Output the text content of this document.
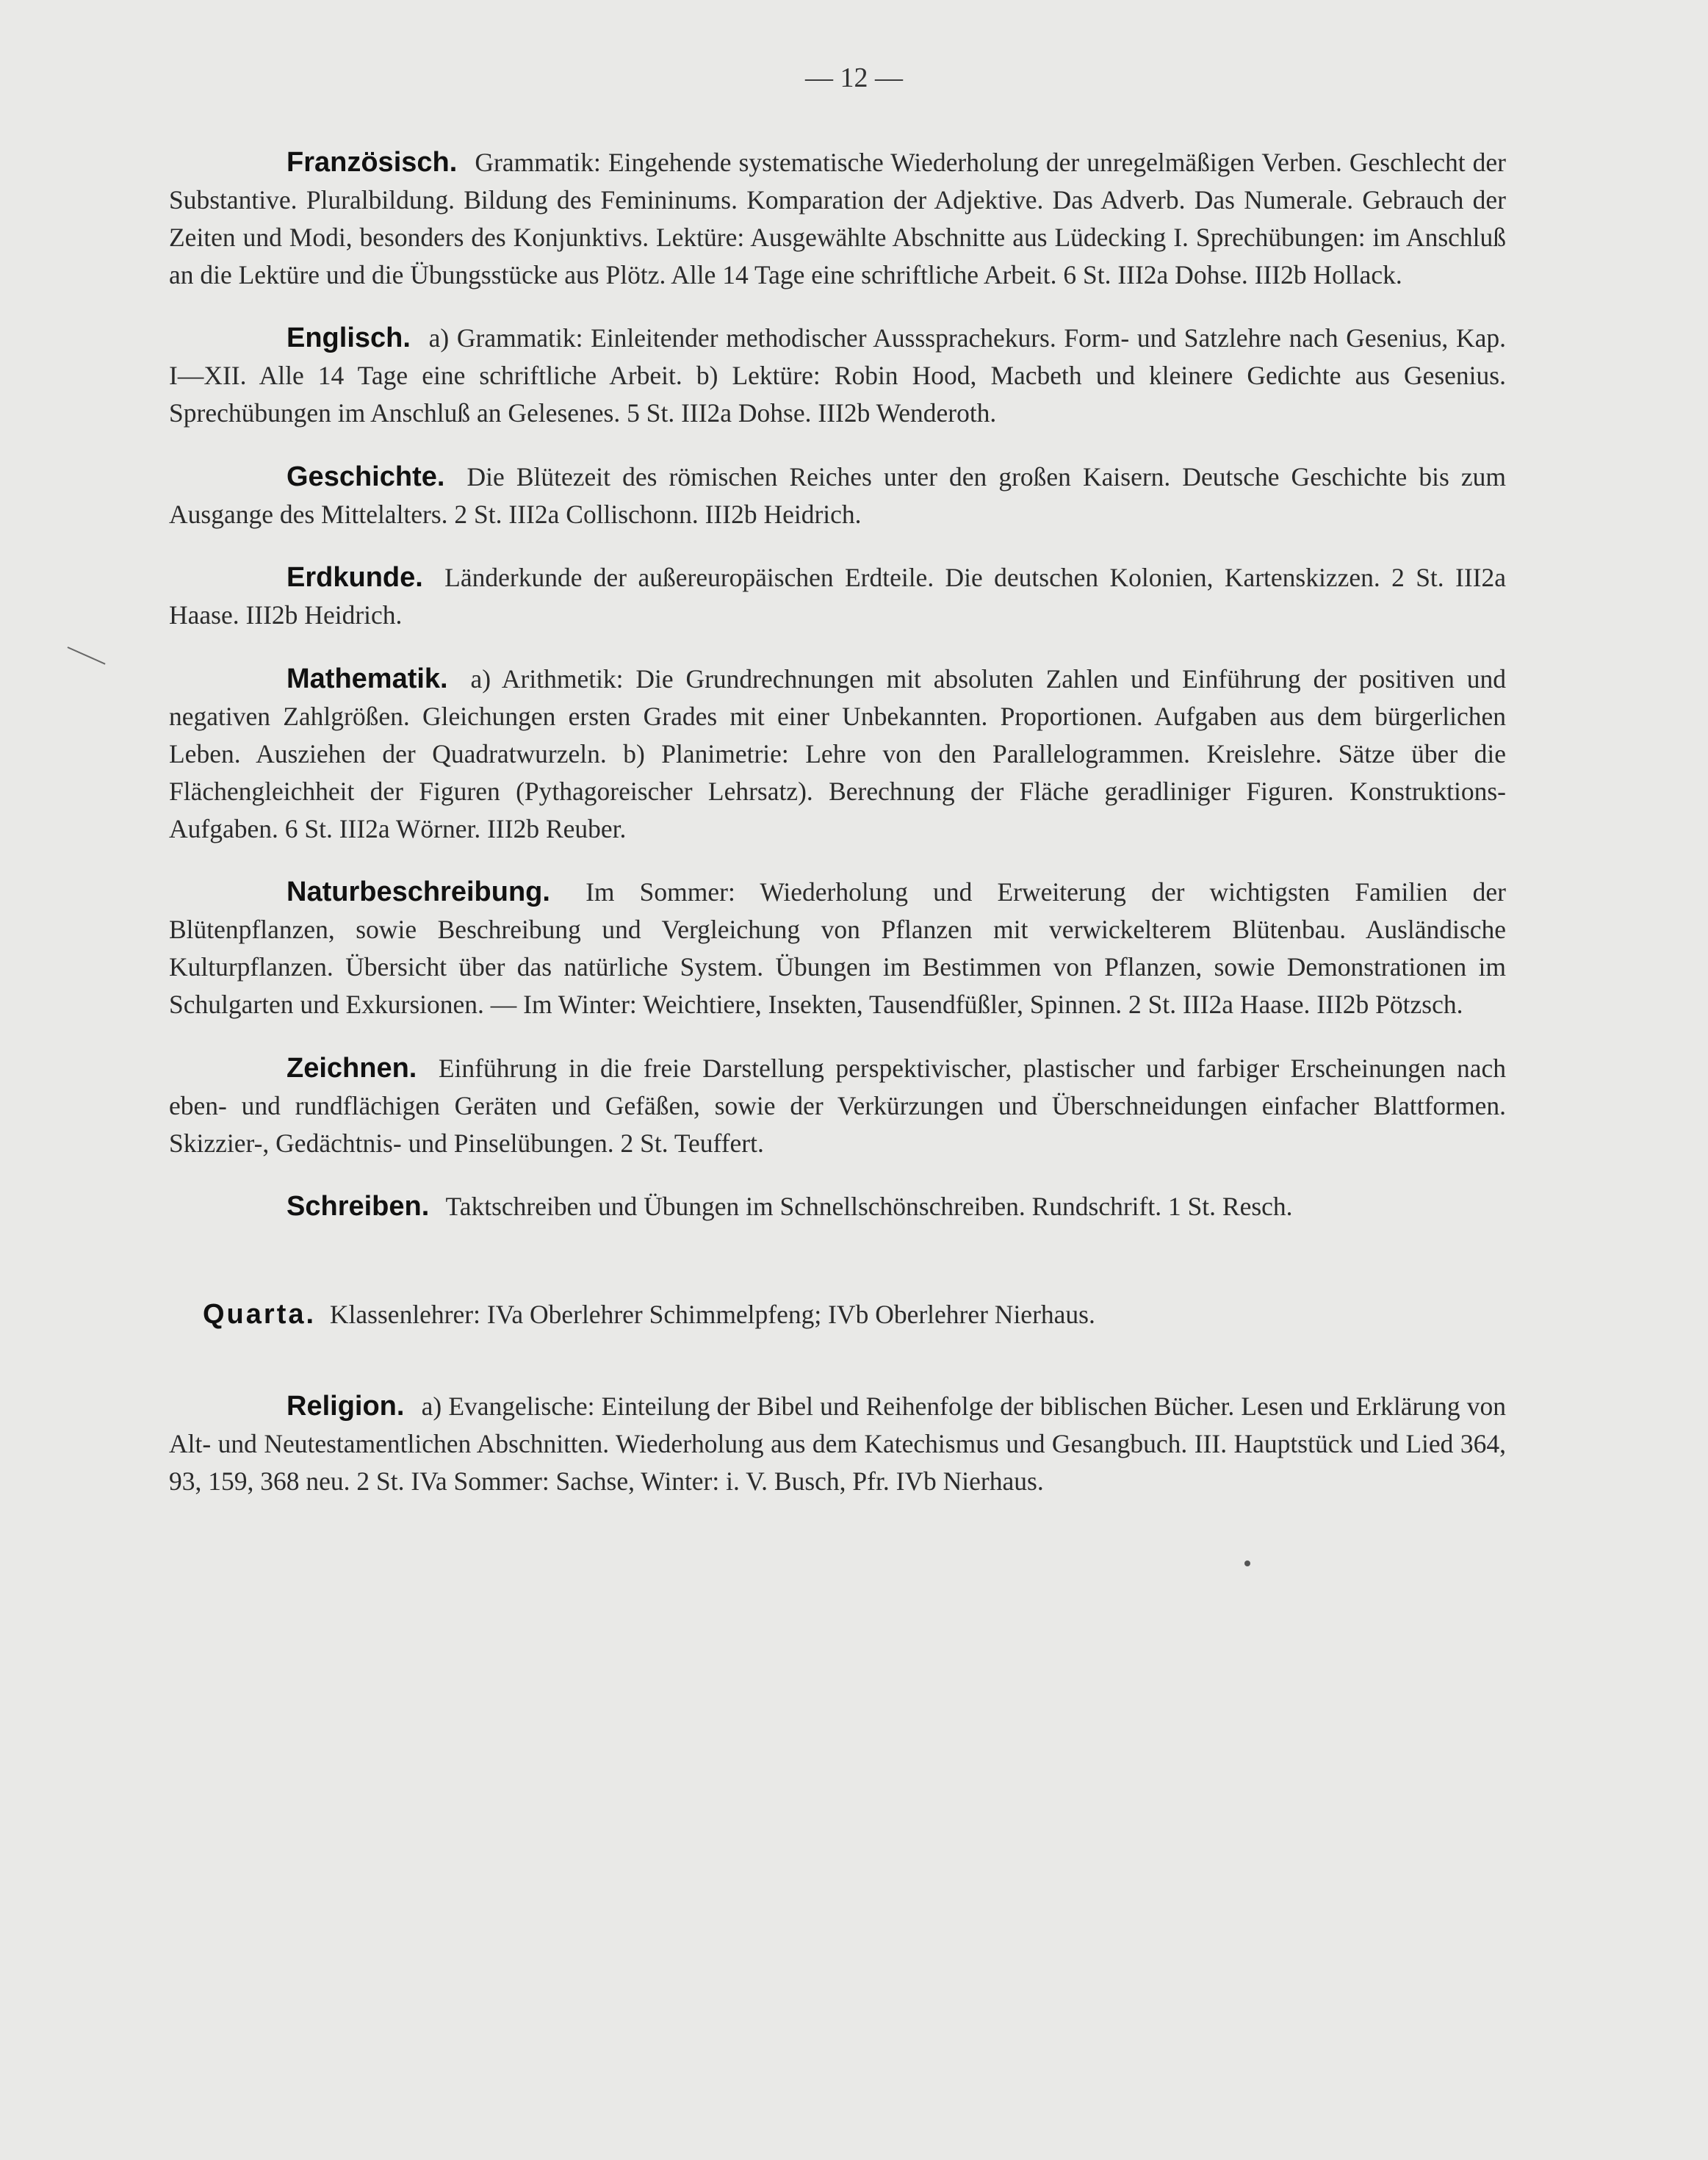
— 12 —

Französisch. Grammatik: Eingehende systematische Wiederholung der unregelmäßigen Verben. Geschlecht der Substantive. Pluralbildung. Bildung des Femininums. Komparation der Adjektive. Das Adverb. Das Numerale. Gebrauch der Zeiten und Modi, besonders des Konjunktivs. Lektüre: Ausgewählte Abschnitte aus Lüdecking I. Sprechübungen: im Anschluß an die Lektüre und die Übungsstücke aus Plötz. Alle 14 Tage eine schriftliche Arbeit. 6 St. III2a Dohse. III2b Hollack.

Englisch. a) Grammatik: Einleitender methodischer Ausssprachekurs. Form- und Satzlehre nach Gesenius, Kap. I—XII. Alle 14 Tage eine schriftliche Arbeit. b) Lektüre: Robin Hood, Macbeth und kleinere Gedichte aus Gesenius. Sprechübungen im Anschluß an Gelesenes. 5 St. III2a Dohse. III2b Wenderoth.

Geschichte. Die Blütezeit des römischen Reiches unter den großen Kaisern. Deutsche Geschichte bis zum Ausgange des Mittelalters. 2 St. III2a Collischonn. III2b Heidrich.

Erdkunde. Länderkunde der außereuropäischen Erdteile. Die deutschen Kolonien, Kartenskizzen. 2 St. III2a Haase. III2b Heidrich.

Mathematik. a) Arithmetik: Die Grundrechnungen mit absoluten Zahlen und Einführung der positiven und negativen Zahlgrößen. Gleichungen ersten Grades mit einer Unbekannten. Proportionen. Aufgaben aus dem bürgerlichen Leben. Ausziehen der Quadratwurzeln. b) Planimetrie: Lehre von den Parallelogrammen. Kreislehre. Sätze über die Flächengleichheit der Figuren (Pythagoreischer Lehrsatz). Berechnung der Fläche geradliniger Figuren. Konstruktions-Aufgaben. 6 St. III2a Wörner. III2b Reuber.

Naturbeschreibung. Im Sommer: Wiederholung und Erweiterung der wichtigsten Familien der Blütenpflanzen, sowie Beschreibung und Vergleichung von Pflanzen mit verwickelterem Blütenbau. Ausländische Kulturpflanzen. Übersicht über das natürliche System. Übungen im Bestimmen von Pflanzen, sowie Demonstrationen im Schulgarten und Exkursionen. — Im Winter: Weichtiere, Insekten, Tausendfüßler, Spinnen. 2 St. III2a Haase. III2b Pötzsch.

Zeichnen. Einführung in die freie Darstellung perspektivischer, plastischer und farbiger Erscheinungen nach eben- und rundflächigen Geräten und Gefäßen, sowie der Verkürzungen und Überschneidungen einfacher Blattformen. Skizzier-, Gedächtnis- und Pinselübungen. 2 St. Teuffert.

Schreiben. Taktschreiben und Übungen im Schnellschönschreiben. Rundschrift. 1 St. Resch.

Quarta. Klassenlehrer: IVa Oberlehrer Schimmelpfeng; IVb Oberlehrer Nierhaus.

Religion. a) Evangelische: Einteilung der Bibel und Reihenfolge der biblischen Bücher. Lesen und Erklärung von Alt- und Neutestamentlichen Abschnitten. Wiederholung aus dem Katechismus und Gesangbuch. III. Hauptstück und Lied 364, 93, 159, 368 neu. 2 St. IVa Sommer: Sachse, Winter: i. V. Busch, Pfr. IVb Nierhaus.
